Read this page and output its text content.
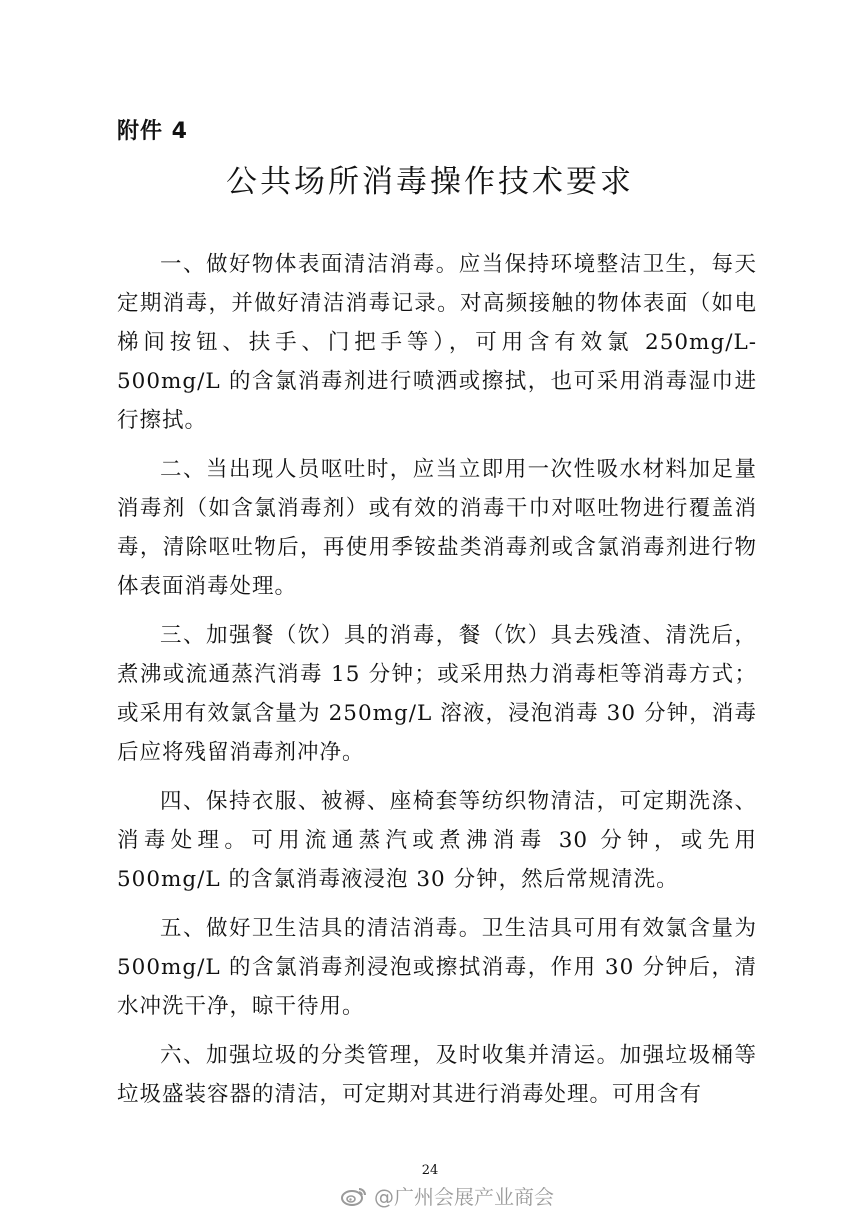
附件 4
公共场所消毒操作技术要求

一、做好物体表面清洁消毒。应当保持环境整洁卫生，每天定期消毒，并做好清洁消毒记录。对高频接触的物体表面（如电梯间按钮、扶手、门把手等），可用含有效氯 250mg/L-500mg/L 的含氯消毒剂进行喷洒或擦拭，也可采用消毒湿巾进行擦拭。

二、当出现人员呕吐时，应当立即用一次性吸水材料加足量消毒剂（如含氯消毒剂）或有效的消毒干巾对呕吐物进行覆盖消毒，清除呕吐物后，再使用季铵盐类消毒剂或含氯消毒剂进行物体表面消毒处理。

三、加强餐（饮）具的消毒，餐（饮）具去残渣、清洗后，煮沸或流通蒸汽消毒 15 分钟；或采用热力消毒柜等消毒方式；或采用有效氯含量为 250mg/L 溶液，浸泡消毒 30 分钟，消毒后应将残留消毒剂冲净。

四、保持衣服、被褥、座椅套等纺织物清洁，可定期洗涤、消毒处理。可用流通蒸汽或煮沸消毒 30 分钟，或先用 500mg/L 的含氯消毒液浸泡 30 分钟，然后常规清洗。

五、做好卫生洁具的清洁消毒。卫生洁具可用有效氯含量为 500mg/L 的含氯消毒剂浸泡或擦拭消毒，作用 30 分钟后，清水冲洗干净，晾干待用。

六、加强垃圾的分类管理，及时收集并清运。加强垃圾桶等垃圾盛装容器的清洁，可定期对其进行消毒处理。可用含有

24
@广州会展产业商会
